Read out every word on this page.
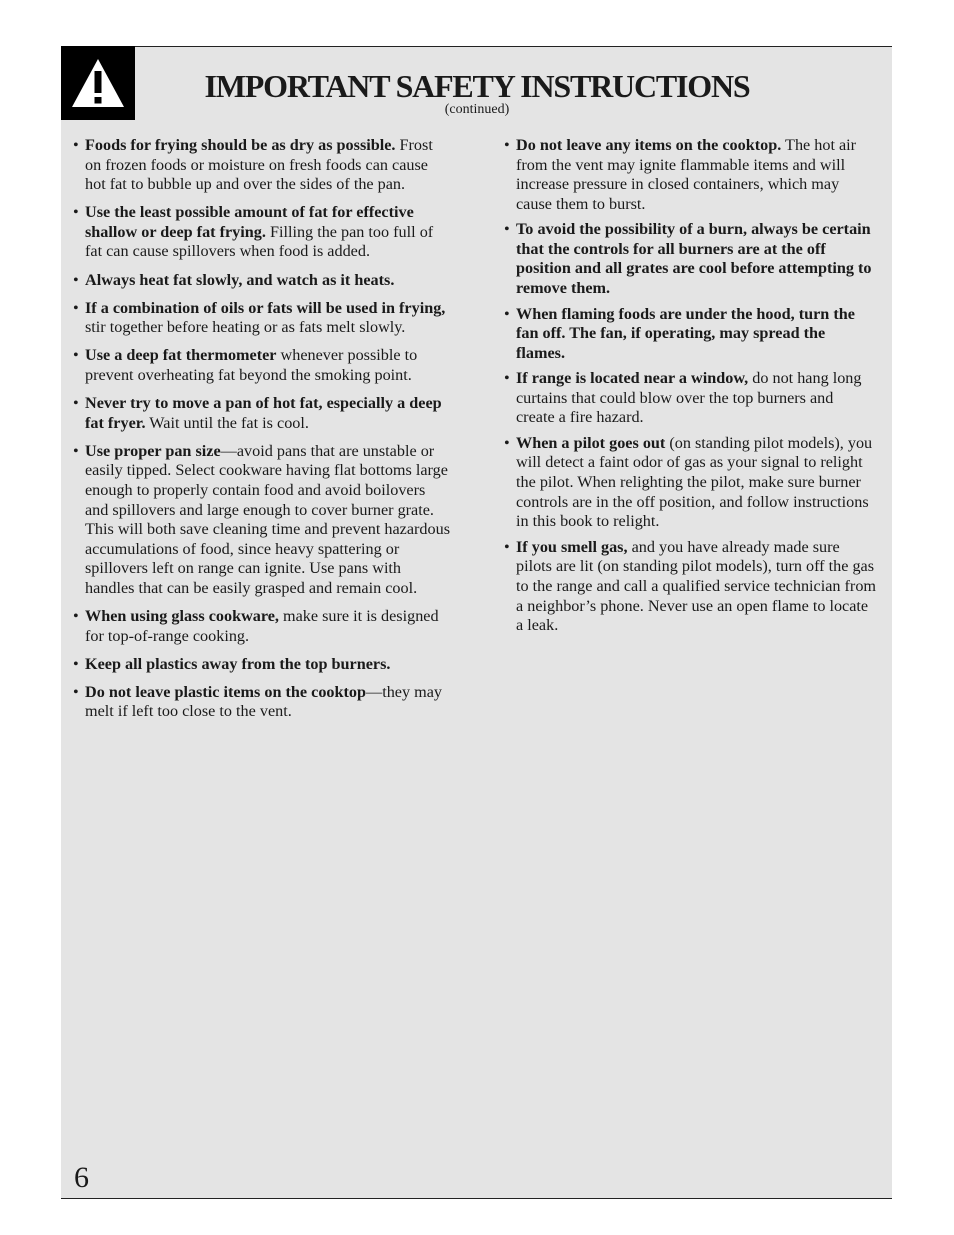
IMPORTANT SAFETY INSTRUCTIONS
(continued)
• Foods for frying should be as dry as possible. Frost on frozen foods or moisture on fresh foods can cause hot fat to bubble up and over the sides of the pan.
• Use the least possible amount of fat for effective shallow or deep fat frying. Filling the pan too full of fat can cause spillovers when food is added.
• Always heat fat slowly, and watch as it heats.
• If a combination of oils or fats will be used in frying, stir together before heating or as fats melt slowly.
• Use a deep fat thermometer whenever possible to prevent overheating fat beyond the smoking point.
• Never try to move a pan of hot fat, especially a deep fat fryer. Wait until the fat is cool.
• Use proper pan size—avoid pans that are unstable or easily tipped. Select cookware having flat bottoms large enough to properly contain food and avoid boilovers and spillovers and large enough to cover burner grate. This will both save cleaning time and prevent hazardous accumulations of food, since heavy spattering or spillovers left on range can ignite. Use pans with handles that can be easily grasped and remain cool.
• When using glass cookware, make sure it is designed for top-of-range cooking.
• Keep all plastics away from the top burners.
• Do not leave plastic items on the cooktop—they may melt if left too close to the vent.
• Do not leave any items on the cooktop. The hot air from the vent may ignite flammable items and will increase pressure in closed containers, which may cause them to burst.
• To avoid the possibility of a burn, always be certain that the controls for all burners are at the off position and all grates are cool before attempting to remove them.
• When flaming foods are under the hood, turn the fan off. The fan, if operating, may spread the flames.
• If range is located near a window, do not hang long curtains that could blow over the top burners and create a fire hazard.
• When a pilot goes out (on standing pilot models), you will detect a faint odor of gas as your signal to relight the pilot. When relighting the pilot, make sure burner controls are in the off position, and follow instructions in this book to relight.
• If you smell gas, and you have already made sure pilots are lit (on standing pilot models), turn off the gas to the range and call a qualified service technician from a neighbor’s phone. Never use an open flame to locate a leak.
6
